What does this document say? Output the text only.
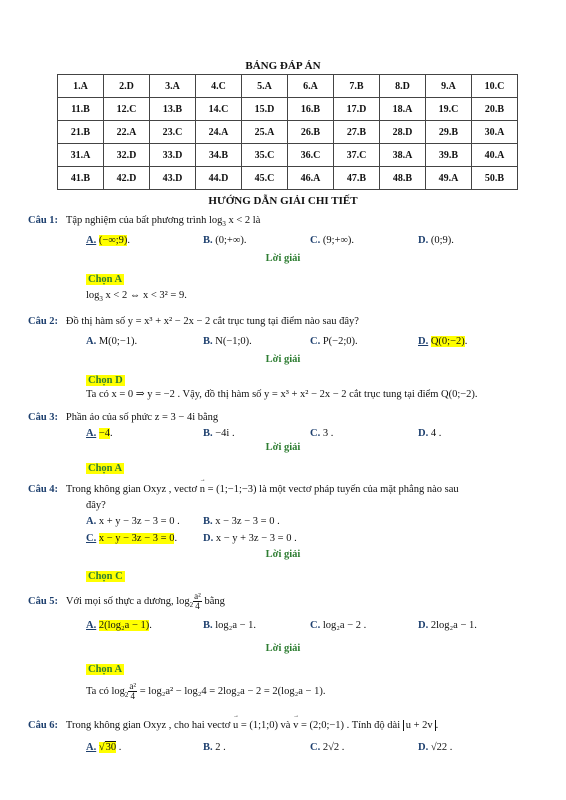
BẢNG ĐÁP ÁN
1.A	2.D	3.A	4.C	5.A	6.A	7.B	8.D	9.A	10.C
11.B	12.C	13.B	14.C	15.D	16.B	17.D	18.A	19.C	20.B
21.B	22.A	23.C	24.A	25.A	26.B	27.B	28.D	29.B	30.A
31.A	32.D	33.D	34.B	35.C	36.C	37.C	38.A	39.B	40.A
41.B	42.D	43.D	44.D	45.C	46.A	47.B	48.B	49.A	50.B
HƯỚNG DẪN GIẢI CHI TIẾT
Câu 1: Tập nghiệm của bất phương trình $\log_3 x < 2$ là
A. (−∞;9).	B. (0;+∞).	C. (9;+∞).	D. (0;9).
Lời giải
Chọn A
$\log_3 x < 2$ ⇔ x < 3² = 9.
Câu 2: Đồ thị hàm số y = x³ + x² − 2x − 2 cắt trục tung tại điểm nào sau đây?
A. M(0;−1).	B. N(−1;0).	C. P(−2;0).	D. Q(0;−2).
Lời giải
Chọn D
Ta có x = 0 ⇒ y = −2 . Vậy, đồ thị hàm số y = x³ + x² − 2x − 2 cắt trục tung tại điểm Q(0;−2).
Câu 3: Phần ảo của số phức z = 3 − 4i bằng
A. −4.	B. −4i .	C. 3 .	D. 4 .
Lời giải
Chọn A
Câu 4: Trong không gian Oxyz , vectơ → n = (1;−1;−3) là một vectơ pháp tuyến của mặt phẳng nào sau
đây?
A. x + y − 3z − 3 = 0 . B. x − 3z − 3 = 0 .
C. x − y − 3z − 3 = 0. D. x − y + 3z − 3 = 0 .
Lời giải
Chọn C
Câu 5: Với mọi số thực a dương, $\log_2 \frac{\text{a²}}{4}$ bằng
A. 2(log₂a − 1).	B. log₂a − 1.	C. log₂a − 2 .	D. 2log₂a − 1.
Lời giải
Chọn A
Ta có $\log_2 \frac{\text{a²}}{4} = \log_2a^2 - \log_24 = 2\log_2a - 2 = 2(\log_2a - 1)$.
Câu 6: Trong không gian Oxyz , cho hai vectơ → u = (1;1;0) và → v = (2;0;−1) . Tính độ dài u + 2v .
A. √30 .	B. 2 .	C. 2√2 .	D. √22 .
